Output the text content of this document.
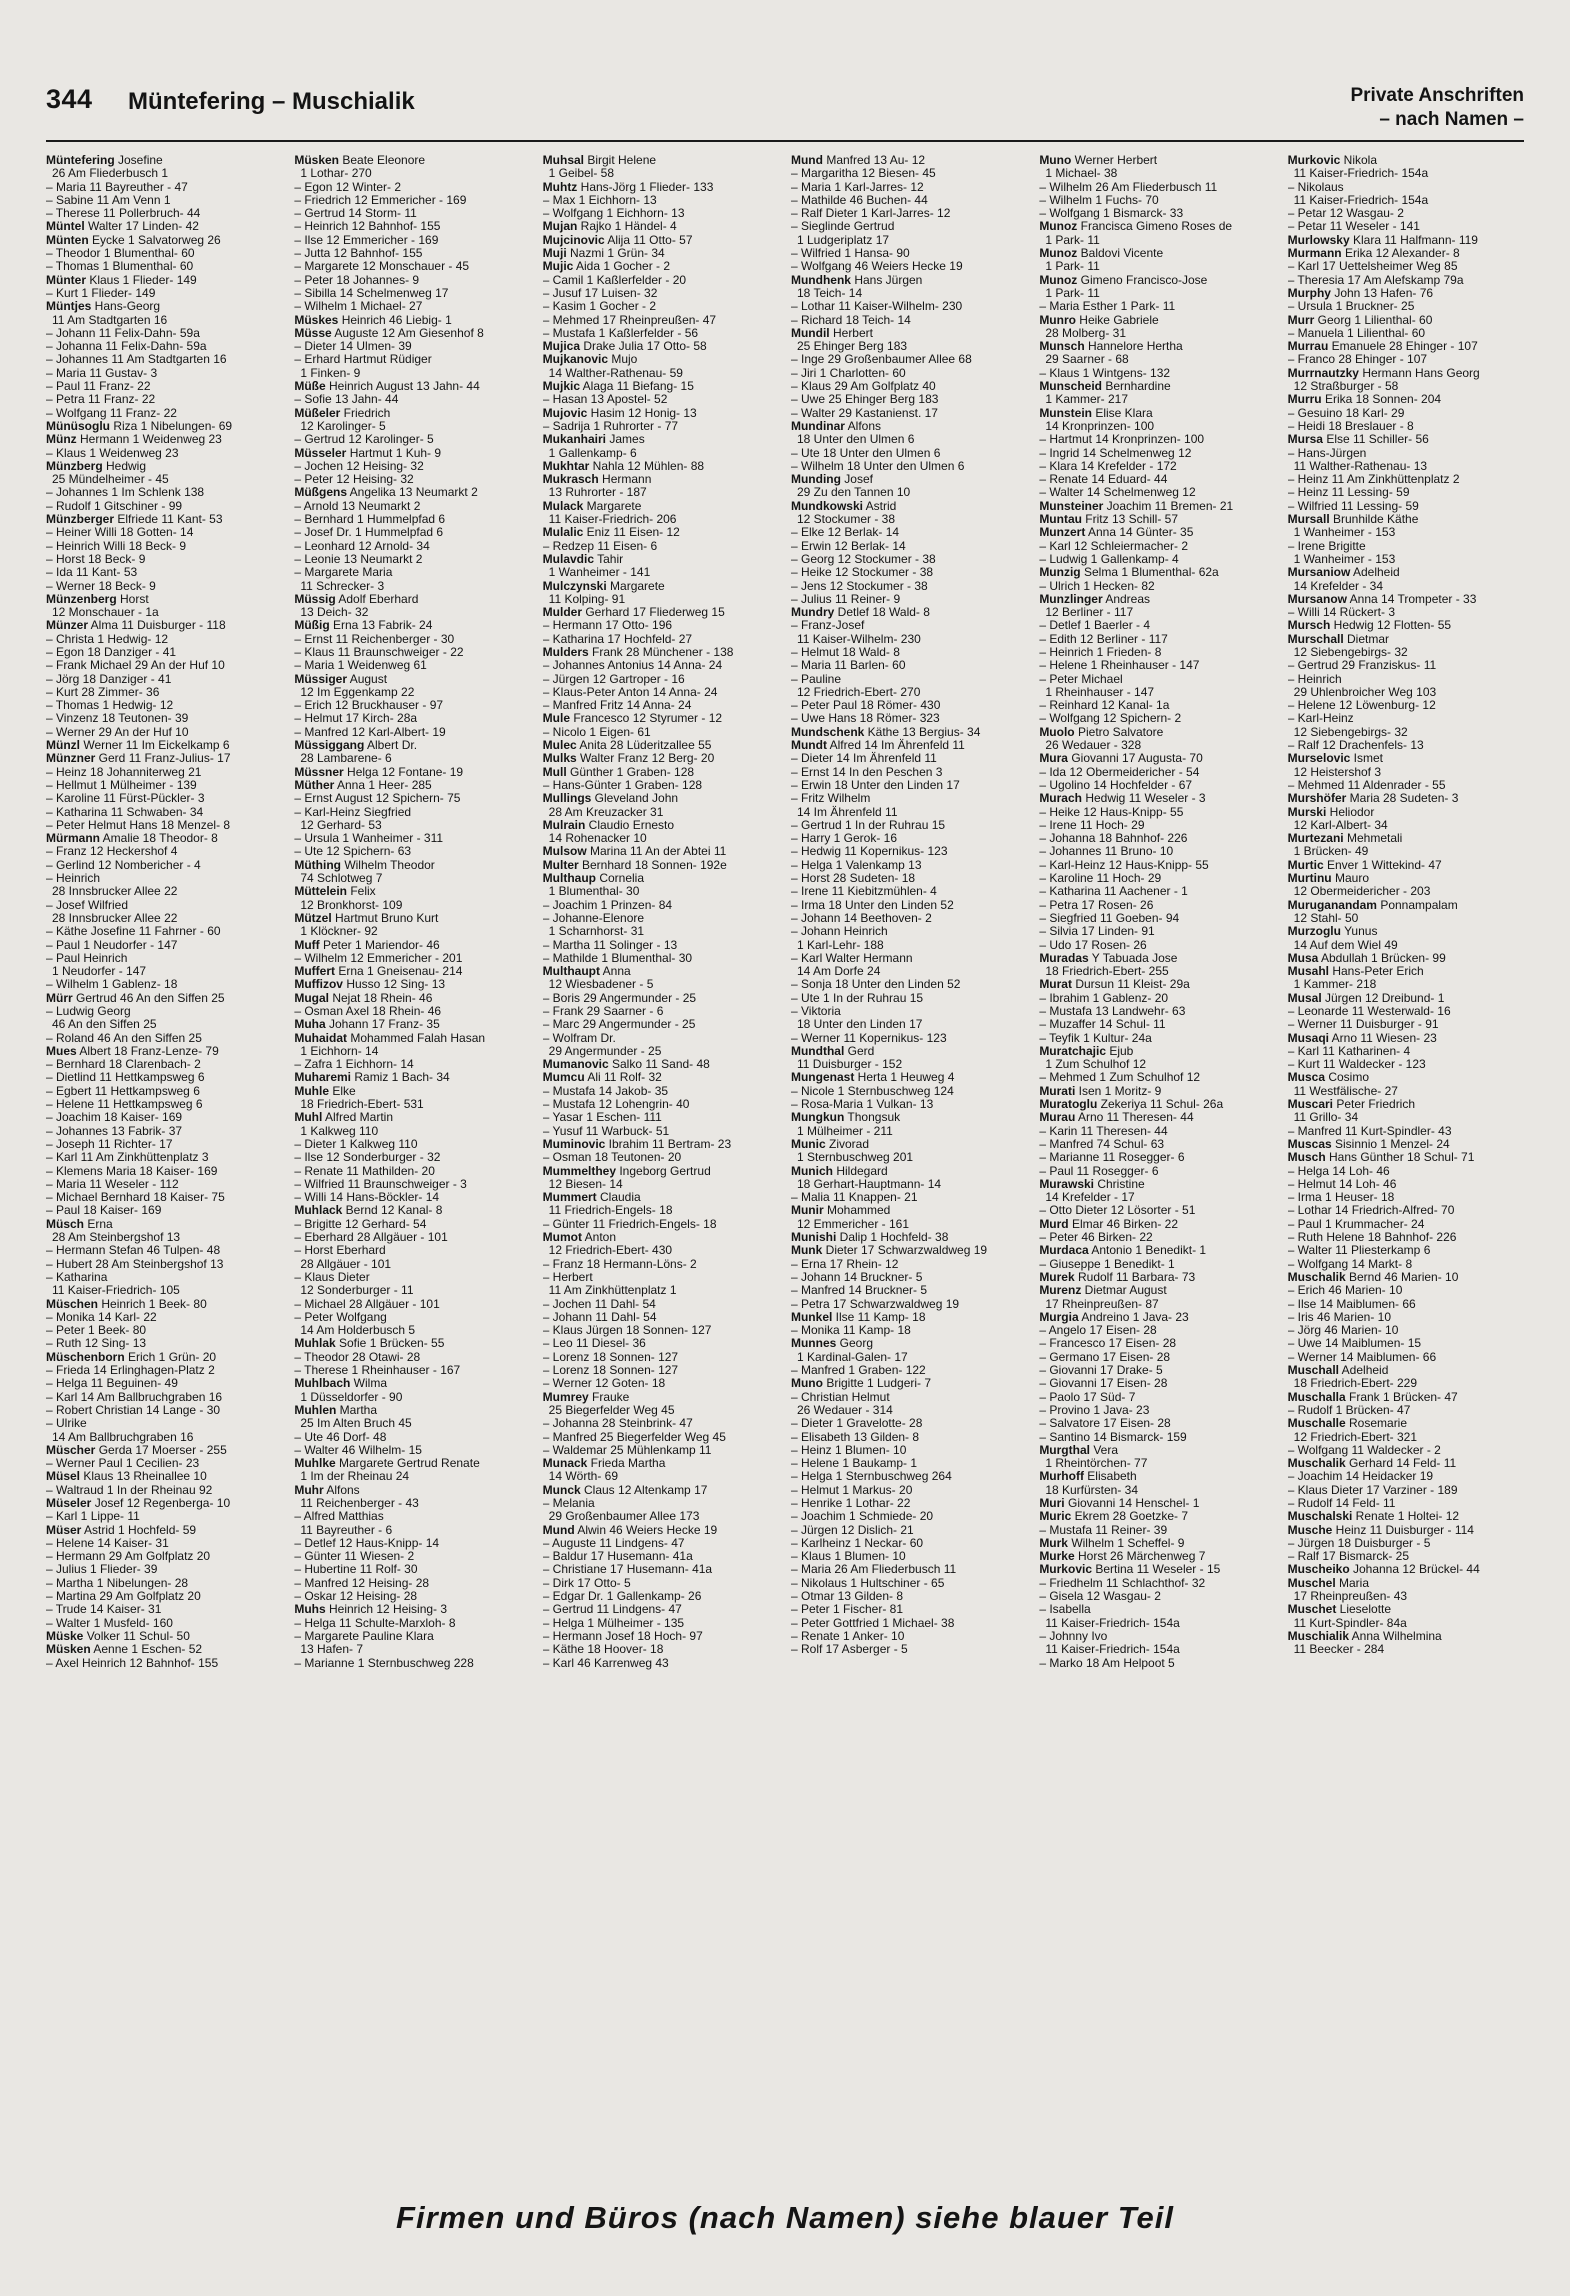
344 Müntefering – Muschialik	Private Anschriften
– nach Namen –
Müntefering Josefine
26 Am Fliederbusch 1
– Maria 11 Bayreuther - 47
– Sabine 11 Am Venn 1
– Therese 11 Pollerbruch- 44
Müntel Walter 17 Linden- 42
Münten Eycke 1 Salvatorweg 26
– Theodor 1 Blumenthal- 60
– Thomas 1 Blumenthal- 60
Münter Klaus 1 Flieder- 149
– Kurt 1 Flieder- 149
Müntjes Hans-Georg
11 Am Stadtgarten 16
– Johann 11 Felix-Dahn- 59a
– Johanna 11 Felix-Dahn- 59a
– Johannes 11 Am Stadtgarten 16
– Maria 11 Gustav- 3
– Paul 11 Franz- 22
– Petra 11 Franz- 22
– Wolfgang 11 Franz- 22
Münüsoglu Riza 1 Nibelungen- 69
Münz Hermann 1 Weidenweg 23
– Klaus 1 Weidenweg 23
Münzberg Hedwig
25 Mündelheimer - 45
– Johannes 1 Im Schlenk 138
– Rudolf 1 Gitschiner - 99
Münzberger Elfriede 11 Kant- 53
– Heiner Willi 18 Gotten- 14
– Heinrich Willi 18 Beck- 9
– Horst 18 Beck- 9
– Ida 11 Kant- 53
– Werner 18 Beck- 9
Münzenberg Horst
12 Monschauer - 1a
Münzer Alma 11 Duisburger - 118
– Christa 1 Hedwig- 12
– Egon 18 Danziger - 41
– Frank Michael 29 An der Huf 10
– Jörg 18 Danziger - 41
– Kurt 28 Zimmer- 36
– Thomas 1 Hedwig- 12
– Vinzenz 18 Teutonen- 39
– Werner 29 An der Huf 10
Münzl Werner 11 Im Eickelkamp 6
Münzner Gerd 11 Franz-Julius- 17
– Heinz 18 Johanniterweg 21
– Hellmut 1 Mülheimer - 139
– Karoline 11 Fürst-Pückler- 3
– Katharina 11 Schwaben- 34
– Peter Helmut Hans 18 Menzel- 8
Mürmann Amalie 18 Theodor- 8
– Franz 12 Heckershof 4
– Gerlind 12 Nombericher - 4
– Heinrich
28 Innsbrucker Allee 22
– Josef Wilfried
28 Innsbrucker Allee 22
– Käthe Josefine 11 Fahrner - 60
– Paul 1 Neudorfer - 147
– Paul Heinrich
1 Neudorfer - 147
– Wilhelm 1 Gablenz- 18
Mürr Gertrud 46 An den Siffen 25
– Ludwig Georg
46 An den Siffen 25
– Roland 46 An den Siffen 25
Mues Albert 18 Franz-Lenze- 79
– Bernhard 18 Clarenbach- 2
– Dietlind 11 Hettkampsweg 6
– Egbert 11 Hettkampsweg 6
– Helene 11 Hettkampsweg 6
– Joachim 18 Kaiser- 169
– Johannes 13 Fabrik- 37
– Joseph 11 Richter- 17
– Karl 11 Am Zinkhüttenplatz 3
– Klemens Maria 18 Kaiser- 169
– Maria 11 Weseler - 112
– Michael Bernhard 18 Kaiser- 75
– Paul 18 Kaiser- 169
Müsch Erna
28 Am Steinbergshof 13
– Hermann Stefan 46 Tulpen- 48
– Hubert 28 Am Steinbergshof 13
– Katharina
11 Kaiser-Friedrich- 105
Müschen Heinrich 1 Beek- 80
– Monika 14 Karl- 22
– Peter 1 Beek- 80
– Ruth 12 Sing- 13
Müschenborn Erich 1 Grün- 20
– Frieda 14 Erlinghagen-Platz 2
– Helga 11 Beguinen- 49
– Karl 14 Am Ballbruchgraben 16
– Robert Christian 14 Lange - 30
– Ulrike
14 Am Ballbruchgraben 16
Müscher Gerda 17 Moerser - 255
– Werner Paul 1 Cecilien- 23
Müsel Klaus 13 Rheinallee 10
– Waltraud 1 In der Rheinau 92
Müseler Josef 12 Regenberga- 10
– Karl 1 Lippe- 11
Müser Astrid 1 Hochfeld- 59
– Helene 14 Kaiser- 31
– Hermann 29 Am Golfplatz 20
– Julius 1 Flieder- 39
– Martha 1 Nibelungen- 28
– Martina 29 Am Golfplatz 20
– Trude 14 Kaiser- 31
– Walter 1 Musfeld- 160
Müske Volker 11 Schul- 50
Müsken Aenne 1 Eschen- 52
– Axel Heinrich 12 Bahnhof- 155
Müsken Beate Eleonore
1 Lothar- 270
– Egon 12 Winter- 2
– Friedrich 12 Emmericher - 169
– Gertrud 14 Storm- 11
– Heinrich 12 Bahnhof- 155
– Ilse 12 Emmericher - 169
– Jutta 12 Bahnhof- 155
– Margarete 12 Monschauer - 45
– Peter 18 Johannes- 9
– Sibilla 14 Schelmenweg 17
– Wilhelm 1 Michael- 27
Müskes Heinrich 46 Liebig- 1
Müsse Auguste 12 Am Giesenhof 8
– Dieter 14 Ulmen- 39
– Erhard Hartmut Rüdiger
1 Finken- 9
Müße Heinrich August 13 Jahn- 44
– Sofie 13 Jahn- 44
Müßeler Friedrich
12 Karolinger- 5
– Gertrud 12 Karolinger- 5
Müsseler Hartmut 1 Kuh- 9
– Jochen 12 Heising- 32
– Peter 12 Heising- 32
Müßgens Angelika 13 Neumarkt 2
– Arnold 13 Neumarkt 2
– Bernhard 1 Hummelpfad 6
– Josef Dr. 1 Hummelpfad 6
– Leonhard 12 Arnold- 34
– Leonie 13 Neumarkt 2
– Margarete Maria
11 Schrecker- 3
Müssig Adolf Eberhard
13 Deich- 32
Müßig Erna 13 Fabrik- 24
– Ernst 11 Reichenberger - 30
– Klaus 11 Braunschweiger - 22
– Maria 1 Weidenweg 61
Müssiger August
12 Im Eggenkamp 22
– Erich 12 Bruckhauser - 97
– Helmut 17 Kirch- 28a
– Manfred 12 Karl-Albert- 19
Müssiggang Albert Dr.
28 Lambarene- 6
Müssner Helga 12 Fontane- 19
Müther Anna 1 Heer- 285
– Ernst August 12 Spichern- 75
– Karl-Heinz Siegfried
12 Gerhard- 53
– Ursula 1 Wanheimer - 311
– Ute 12 Spichern- 63
Müthing Wilhelm Theodor
74 Schlotweg 7
Müttelein Felix
12 Bronkhorst- 109
Mützel Hartmut Bruno Kurt
1 Klöckner- 92
Muff Peter 1 Mariendor- 46
– Wilhelm 12 Emmericher - 201
Muffert Erna 1 Gneisenau- 214
Muffizov Husso 12 Sing- 13
Mugal Nejat 18 Rhein- 46
– Osman Axel 18 Rhein- 46
Muha Johann 17 Franz- 35
Muhaidat Mohammed Falah Hasan
1 Eichhorn- 14
– Zafra 1 Eichhorn- 14
Muharemi Ramiz 1 Bach- 34
Muhle Elke
18 Friedrich-Ebert- 531
Muhl Alfred Martin
1 Kalkweg 110
– Dieter 1 Kalkweg 110
– Ilse 12 Sonderburger - 32
– Renate 11 Mathilden- 20
– Wilfried 11 Braunschweiger - 3
– Willi 14 Hans-Böckler- 14
Muhlack Bernd 12 Kanal- 8
– Brigitte 12 Gerhard- 54
– Eberhard 28 Allgäuer - 101
– Horst Eberhard
28 Allgäuer - 101
– Klaus Dieter
12 Sonderburger - 11
– Michael 28 Allgäuer - 101
– Peter Wolfgang
14 Am Holderbusch 5
Muhlak Sofie 1 Brücken- 55
– Theodor 28 Otawi- 28
– Therese 1 Rheinhauser - 167
Muhlbach Wilma
1 Düsseldorfer - 90
Muhlen Martha
25 Im Alten Bruch 45
– Ute 46 Dorf- 48
– Walter 46 Wilhelm- 15
Muhlke Margarete Gertrud Renate
1 Im der Rheinau 24
Muhr Alfons
11 Reichenberger - 43
– Alfred Matthias
11 Bayreuther - 6
– Detlef 12 Haus-Knipp- 14
– Günter 11 Wiesen- 2
– Hubertine 11 Rolf- 30
– Manfred 12 Heising- 28
– Oskar 12 Heising- 28
Muhs Heinrich 12 Heising- 3
– Helga 11 Schulte-Marxloh- 8
– Margarete Pauline Klara
13 Hafen- 7
– Marianne 1 Sternbuschweg 228
Muhsal Birgit Helene
1 Geibel- 58
Muhtz Hans-Jörg 1 Flieder- 133
– Max 1 Eichhorn- 13
– Wolfgang 1 Eichhorn- 13
Mujan Rajko 1 Händel- 4
Mujcinovic Alija 11 Otto- 57
Muji Nazmi 1 Grün- 34
Mujic Aida 1 Gocher - 2
– Camil 1 Kaßlerfelder - 20
– Jusuf 17 Luisen- 32
– Kasim 1 Gocher - 2
– Mehmed 17 Rheinpreußen- 47
– Mustafa 1 Kaßlerfelder - 56
Mujica Drake Julia 17 Otto- 58
Mujkanovic Mujo
14 Walther-Rathenau- 59
Mujkic Alaga 11 Biefang- 15
– Hasan 13 Apostel- 52
Mujovic Hasim 12 Honig- 13
– Sadrija 1 Ruhrorter - 77
Mukanhairi James
1 Gallenkamp- 6
Mukhtar Nahla 12 Mühlen- 88
Mukrasch Hermann
13 Ruhrorter - 187
Mulack Margarete
11 Kaiser-Friedrich- 206
Mulalic Eniz 11 Eisen- 12
– Redzep 11 Eisen- 6
Mulavdic Tahir
1 Wanheimer - 141
Mulczynski Margarete
11 Kolping- 91
Mulder Gerhard 17 Fliederweg 15
– Hermann 17 Otto- 196
– Katharina 17 Hochfeld- 27
Mulders Frank 28 Münchener - 138
– Johannes Antonius 14 Anna- 24
– Jürgen 12 Gartroper - 16
– Klaus-Peter Anton 14 Anna- 24
– Manfred Fritz 14 Anna- 24
Mule Francesco 12 Styrumer - 12
– Nicolo 1 Eigen- 61
Mulec Anita 28 Lüderitzallee 55
Mulks Walter Franz 12 Berg- 20
Mull Günther 1 Graben- 128
– Hans-Günter 1 Graben- 128
Mullings Gleveland John
28 Am Kreuzacker 31
Mulrain Claudio Ernesto
14 Rohenacker 10
Mulsow Marina 11 An der Abtei 11
Multer Bernhard 18 Sonnen- 192e
Multhaup Cornelia
1 Blumenthal- 30
– Joachim 1 Prinzen- 84
– Johanne-Elenore
1 Scharnhorst- 31
– Martha 11 Solinger - 13
– Mathilde 1 Blumenthal- 30
Multhaupt Anna
12 Wiesbadener - 5
– Boris 29 Angermunder - 25
– Frank 29 Saarner - 6
– Marc 29 Angermunder - 25
– Wolfram Dr.
29 Angermunder - 25
Mumanovic Salko 11 Sand- 48
Mumcu Ali 11 Rolf- 32
– Mustafa 14 Jakob- 35
– Mustafa 12 Lohengrin- 40
– Yasar 1 Eschen- 111
– Yusuf 11 Warbuck- 51
Muminovic Ibrahim 11 Bertram- 23
– Osman 18 Teutonen- 20
Mummelthey Ingeborg Gertrud
12 Biesen- 14
Mummert Claudia
11 Friedrich-Engels- 18
– Günter 11 Friedrich-Engels- 18
Mumot Anton
12 Friedrich-Ebert- 430
– Franz 18 Hermann-Löns- 2
– Herbert
11 Am Zinkhüttenplatz 1
– Jochen 11 Dahl- 54
– Johann 11 Dahl- 54
– Klaus Jürgen 18 Sonnen- 127
– Leo 11 Diesel- 36
– Lorenz 18 Sonnen- 127
– Lorenz 18 Sonnen- 127
– Werner 12 Goten- 18
Mumrey Frauke
25 Biegerfelder Weg 45
– Johanna 28 Steinbrink- 47
– Manfred 25 Biegerfelder Weg 45
– Waldemar 25 Mühlenkamp 11
Munack Frieda Martha
14 Wörth- 69
Munck Claus 12 Altenkamp 17
– Melania
29 Großenbaumer Allee 173
Mund Alwin 46 Weiers Hecke 19
– Auguste 11 Lindgens- 47
– Baldur 17 Husemann- 41a
– Christiane 17 Husemann- 41a
– Dirk 17 Otto- 5
– Edgar Dr. 1 Gallenkamp- 26
– Gertrud 11 Lindgens- 47
– Helga 1 Mülheimer - 135
– Hermann Josef 18 Hoch- 97
– Käthe 18 Hoover- 18
– Karl 46 Karrenweg 43
Mund Manfred 13 Au- 12
– Margaritha 12 Biesen- 45
– Maria 1 Karl-Jarres- 12
– Mathilde 46 Buchen- 44
– Ralf Dieter 1 Karl-Jarres- 12
– Sieglinde Gertrud
1 Ludgeriplatz 17
– Wilfried 1 Hansa- 90
– Wolfgang 46 Weiers Hecke 19
Mundhenk Hans Jürgen
18 Teich- 14
– Lothar 11 Kaiser-Wilhelm- 230
– Richard 18 Teich- 14
Mundil Herbert
25 Ehinger Berg 183
– Inge 29 Großenbaumer Allee 68
– Jiri 1 Charlotten- 60
– Klaus 29 Am Golfplatz 40
– Uwe 25 Ehinger Berg 183
– Walter 29 Kastanienst. 17
Mundinar Alfons
18 Unter den Ulmen 6
– Ute 18 Unter den Ulmen 6
– Wilhelm 18 Unter den Ulmen 6
Munding Josef
29 Zu den Tannen 10
Mundkowski Astrid
12 Stockumer - 38
– Elke 12 Berlak- 14
– Erwin 12 Berlak- 14
– Georg 12 Stockumer - 38
– Heike 12 Stockumer - 38
– Jens 12 Stockumer - 38
– Julius 11 Reiner- 9
Mundry Detlef 18 Wald- 8
– Franz-Josef
11 Kaiser-Wilhelm- 230
– Helmut 18 Wald- 8
– Maria 11 Barlen- 60
– Pauline
12 Friedrich-Ebert- 270
– Peter Paul 18 Römer- 430
– Uwe Hans 18 Römer- 323
Mundschenk Käthe 13 Bergius- 34
Mundt Alfred 14 Im Ährenfeld 11
– Dieter 14 Im Ährenfeld 11
– Ernst 14 In den Peschen 3
– Erwin 18 Unter den Linden 17
– Fritz Wilhelm
14 Im Ährenfeld 11
– Gertrud 1 In der Ruhrau 15
– Harry 1 Gerok- 16
– Hedwig 11 Kopernikus- 123
– Helga 1 Valenkamp 13
– Horst 28 Sudeten- 18
– Irene 11 Kiebitzmühlen- 4
– Irma 18 Unter den Linden 52
– Johann 14 Beethoven- 2
– Johann Heinrich
1 Karl-Lehr- 188
– Karl Walter Hermann
14 Am Dorfe 24
– Sonja 18 Unter den Linden 52
– Ute 1 In der Ruhrau 15
– Viktoria
18 Unter den Linden 17
– Werner 11 Kopernikus- 123
Mundthal Gerd
11 Duisburger - 152
Mungenast Herta 1 Heuweg 4
– Nicole 1 Sternbuschweg 124
– Rosa-Maria 1 Vulkan- 13
Mungkun Thongsuk
1 Mülheimer - 211
Munic Zivorad
1 Sternbuschweg 201
Munich Hildegard
18 Gerhart-Hauptmann- 14
– Malia 11 Knappen- 21
Munir Mohammed
12 Emmericher - 161
Munishi Dalip 1 Hochfeld- 38
Munk Dieter 17 Schwarzwaldweg 19
– Erna 17 Rhein- 12
– Johann 14 Bruckner- 5
– Manfred 14 Bruckner- 5
– Petra 17 Schwarzwaldweg 19
Munkel Ilse 11 Kamp- 18
– Monika 11 Kamp- 18
Munnes Georg
1 Kardinal-Galen- 17
– Manfred 1 Graben- 122
Muno Brigitte 1 Ludgeri- 7
– Christian Helmut
26 Wedauer - 314
– Dieter 1 Gravelotte- 28
– Elisabeth 13 Gilden- 8
– Heinz 1 Blumen- 10
– Helene 1 Baukamp- 1
– Helga 1 Sternbuschweg 264
– Helmut 1 Markus- 20
– Henrike 1 Lothar- 22
– Joachim 1 Schmiede- 20
– Jürgen 12 Dislich- 21
– Karlheinz 1 Neckar- 60
– Klaus 1 Blumen- 10
– Maria 26 Am Fliederbusch 11
– Nikolaus 1 Hultschiner - 65
– Otmar 13 Gilden- 8
– Peter 1 Fischer- 81
– Peter Gottfried 1 Michael- 38
– Renate 1 Anker- 10
– Rolf 17 Asberger - 5
Muno Werner Herbert
1 Michael- 38
– Wilhelm 26 Am Fliederbusch 11
– Wilhelm 1 Fuchs- 70
– Wolfgang 1 Bismarck- 33
Munoz Francisca Gimeno Roses de
1 Park- 11
Munoz Baldovi Vicente
1 Park- 11
Munoz Gimeno Francisco-Jose
1 Park- 11
– Maria Esther 1 Park- 11
Munro Heike Gabriele
28 Molberg- 31
Munsch Hannelore Hertha
29 Saarner - 68
– Klaus 1 Wintgens- 132
Munscheid Bernhardine
1 Kammer- 217
Munstein Elise Klara
14 Kronprinzen- 100
– Hartmut 14 Kronprinzen- 100
– Ingrid 14 Schelmenweg 12
– Klara 14 Krefelder - 172
– Renate 14 Eduard- 44
– Walter 14 Schelmenweg 12
Munsteiner Joachim 11 Bremen- 21
Muntau Fritz 13 Schill- 57
Munzert Anna 14 Günter- 35
– Karl 12 Schleiermacher- 2
– Ludwig 1 Gallenkamp- 4
Munzig Selma 1 Blumenthal- 62a
– Ulrich 1 Hecken- 82
Munzlinger Andreas
12 Berliner - 117
– Detlef 1 Baerler - 4
– Edith 12 Berliner - 117
– Heinrich 1 Frieden- 8
– Helene 1 Rheinhauser - 147
– Peter Michael
1 Rheinhauser - 147
– Reinhard 12 Kanal- 1a
– Wolfgang 12 Spichern- 2
Muolo Pietro Salvatore
26 Wedauer - 328
Mura Giovanni 17 Augusta- 70
– Ida 12 Obermeidericher - 54
– Ugolino 14 Hochfelder - 67
Murach Hedwig 11 Weseler - 3
– Heike 12 Haus-Knipp- 55
– Irene 11 Hoch- 29
– Johanna 18 Bahnhof- 226
– Johannes 11 Bruno- 10
– Karl-Heinz 12 Haus-Knipp- 55
– Karoline 11 Hoch- 29
– Katharina 11 Aachener - 1
– Petra 17 Rosen- 26
– Siegfried 11 Goeben- 94
– Silvia 17 Linden- 91
– Udo 17 Rosen- 26
Muradas Y Tabuada Jose
18 Friedrich-Ebert- 255
Murat Dursun 11 Kleist- 29a
– Ibrahim 1 Gablenz- 20
– Mustafa 13 Landwehr- 63
– Muzaffer 14 Schul- 11
– Teyfik 1 Kultur- 24a
Muratchajic Ejub
1 Zum Schulhof 12
– Mehmed 1 Zum Schulhof 12
Murati Isen 1 Moritz- 9
Muratoglu Zekeriya 11 Schul- 26a
Murau Arno 11 Theresen- 44
– Karin 11 Theresen- 44
– Manfred 74 Schul- 63
– Marianne 11 Rosegger- 6
– Paul 11 Rosegger- 6
Murawski Christine
14 Krefelder - 17
– Otto Dieter 12 Lösorter - 51
Murd Elmar 46 Birken- 22
– Peter 46 Birken- 22
Murdaca Antonio 1 Benedikt- 1
– Giuseppe 1 Benedikt- 1
Murek Rudolf 11 Barbara- 73
Murenz Dietmar August
17 Rheinpreußen- 87
Murgia Andreino 1 Java- 23
– Angelo 17 Eisen- 28
– Francesco 17 Eisen- 28
– Germano 17 Eisen- 28
– Giovanni 17 Drake- 5
– Giovanni 17 Eisen- 28
– Paolo 17 Süd- 7
– Provino 1 Java- 23
– Salvatore 17 Eisen- 28
– Santino 14 Bismarck- 159
Murgthal Vera
1 Rheintörchen- 77
Murhoff Elisabeth
18 Kurfürsten- 34
Muri Giovanni 14 Henschel- 1
Muric Ekrem 28 Goetzke- 7
– Mustafa 11 Reiner- 39
Murk Wilhelm 1 Scheffel- 9
Murke Horst 26 Märchenweg 7
Murkovic Bertina 11 Weseler - 15
– Friedhelm 11 Schlachthof- 32
– Gisela 12 Wasgau- 2
– Isabella
11 Kaiser-Friedrich- 154a
– Johnny Ivo
11 Kaiser-Friedrich- 154a
– Marko 18 Am Helpoot 5
Murkovic Nikola
11 Kaiser-Friedrich- 154a
– Nikolaus
11 Kaiser-Friedrich- 154a
– Petar 12 Wasgau- 2
– Petar 11 Weseler - 141
Murlowsky Klara 11 Halfmann- 119
Murmann Erika 12 Alexander- 8
– Karl 17 Uettelsheimer Weg 85
– Theresia 17 Am Alefskamp 79a
Murphy John 13 Hafen- 76
– Ursula 1 Bruckner- 25
Murr Georg 1 Lilienthal- 60
– Manuela 1 Lilienthal- 60
Murrau Emanuele 28 Ehinger - 107
– Franco 28 Ehinger - 107
Murrnautzky Hermann Hans Georg
12 Straßburger - 58
Murru Erika 18 Sonnen- 204
– Gesuino 18 Karl- 29
– Heidi 18 Breslauer - 8
Mursa Else 11 Schiller- 56
– Hans-Jürgen
11 Walther-Rathenau- 13
– Heinz 11 Am Zinkhüttenplatz 2
– Heinz 11 Lessing- 59
– Wilfried 11 Lessing- 59
Mursall Brunhilde Käthe
1 Wanheimer - 153
– Irene Brigitte
1 Wanheimer - 153
Mursaniow Adelheid
14 Krefelder - 34
Mursanow Anna 14 Trompeter - 33
– Willi 14 Rückert- 3
Mursch Hedwig 12 Flotten- 55
Murschall Dietmar
12 Siebengebirgs- 32
– Gertrud 29 Franziskus- 11
– Heinrich
29 Uhlenbroicher Weg 103
– Helene 12 Löwenburg- 12
– Karl-Heinz
12 Siebengebirgs- 32
– Ralf 12 Drachenfels- 13
Murselovic Ismet
12 Heistershof 3
– Mehmed 11 Aldenrader - 55
Murshöfer Maria 28 Sudeten- 3
Murski Heliodor
12 Karl-Albert- 34
Murtezani Mehmetali
1 Brücken- 49
Murtic Enver 1 Wittekind- 47
Murtinu Mauro
12 Obermeidericher - 203
Muruganandam Ponnampalam
12 Stahl- 50
Murzoglu Yunus
14 Auf dem Wiel 49
Musa Abdullah 1 Brücken- 99
Musahl Hans-Peter Erich
1 Kammer- 218
Musal Jürgen 12 Dreibund- 1
– Leonarde 11 Westerwald- 16
– Werner 11 Duisburger - 91
Musaqi Arno 11 Wiesen- 23
– Karl 11 Katharinen- 4
– Kurt 11 Waldecker - 123
Musca Cosimo
11 Westfälische- 27
Muscari Peter Friedrich
11 Grillo- 34
– Manfred 11 Kurt-Spindler- 43
Muscas Sisinnio 1 Menzel- 24
Musch Hans Günther 18 Schul- 71
– Helga 14 Loh- 46
– Helmut 14 Loh- 46
– Irma 1 Heuser- 18
– Lothar 14 Friedrich-Alfred- 70
– Paul 1 Krummacher- 24
– Ruth Helene 18 Bahnhof- 226
– Walter 11 Pliesterkamp 6
– Wolfgang 14 Markt- 8
Muschalik Bernd 46 Marien- 10
– Erich 46 Marien- 10
– Ilse 14 Maiblumen- 66
– Iris 46 Marien- 10
– Jörg 46 Marien- 10
– Uwe 14 Maiblumen- 15
– Werner 14 Maiblumen- 66
Muschall Adelheid
18 Friedrich-Ebert- 229
Muschalla Frank 1 Brücken- 47
– Rudolf 1 Brücken- 47
Muschalle Rosemarie
12 Friedrich-Ebert- 321
– Wolfgang 11 Waldecker - 2
Muschalik Gerhard 14 Feld- 11
– Joachim 14 Heidacker 19
– Klaus Dieter 17 Varziner - 189
– Rudolf 14 Feld- 11
Muschalski Renate 1 Holtei- 12
Musche Heinz 11 Duisburger - 114
– Jürgen 18 Duisburger - 5
– Ralf 17 Bismarck- 25
Muscheiko Johanna 12 Brückel- 44
Muschel Maria
17 Rheinpreußen- 43
Muschet Lieselotte
11 Kurt-Spindler- 84a
Muschialik Anna Wilhelmina
11 Beecker - 284
Firmen und Büros (nach Namen) siehe blauer Teil
